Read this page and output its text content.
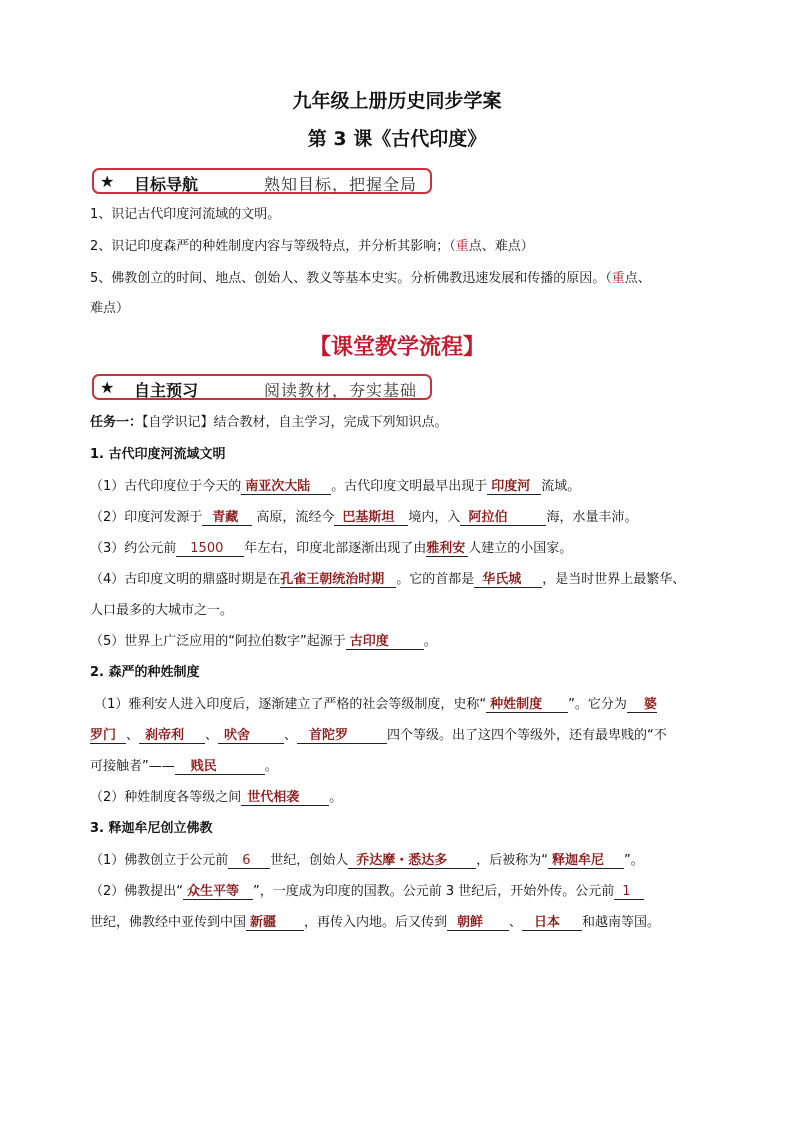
九年级上册历史同步学案
第 3 课《古代印度》
★ 目标导航	熟知目标，把握全局
1、识记古代印度河流域的文明。
2、识记印度森严的种姓制度内容与等级特点，并分析其影响；（重点、难点）
5、佛教创立的时间、地点、创始人、教义等基本史实。分析佛教迅速发展和传播的原因。（重点、
难点）
【课堂教学流程】
★ 自主预习	阅读教材，夯实基础
任务一：【自学识记】结合教材，自主学习，完成下列知识点。
1. 古代印度河流域文明
（1）古代印度位于今天的 南亚次大陆 。古代印度文明最早出现于 印度河 流域。
（2）印度河发源于 青藏 高原，流经今 巴基斯坦 境内，入 阿拉伯	海，水量丰沛。
（3）约公元前 1500 年左右，印度北部逐渐出现了由雅利安 人建立的小国家。
（4）古印度文明的鼎盛时期是在孔雀王朝统治时期 。它的首都是 华氏城 ，是当时世界上最繁华、
人口最多的大城市之一。
（5）世界上广泛应用的“阿拉伯数字”起源于 古印度	。
2. 森严的种姓制度
（1）雅利安人进入印度后，逐渐建立了严格的社会等级制度，史称“ 种姓制度 ”。它分为 婆
罗门 、 刹帝利 、 吠舍	、 首陀罗	四个等级。出了这四个等级外，还有最卑贱的“不
可接触者”—— 贱民	。
（2）种姓制度各等级之间 世代相袭 。
3. 释迦牟尼创立佛教
（1）佛教创立于公元前 6 世纪，创始人 乔达摩・悉达多 ，后被称为“ 释迦牟尼 ”。
（2）佛教提出“ 众生平等 ”，一度成为印度的国教。公元前 3 世纪后，开始外传。公元前 1
世纪，佛教经中亚传到中国 新疆 ，再传入内地。后又传到 朝鲜 、 日本 和越南等国。
